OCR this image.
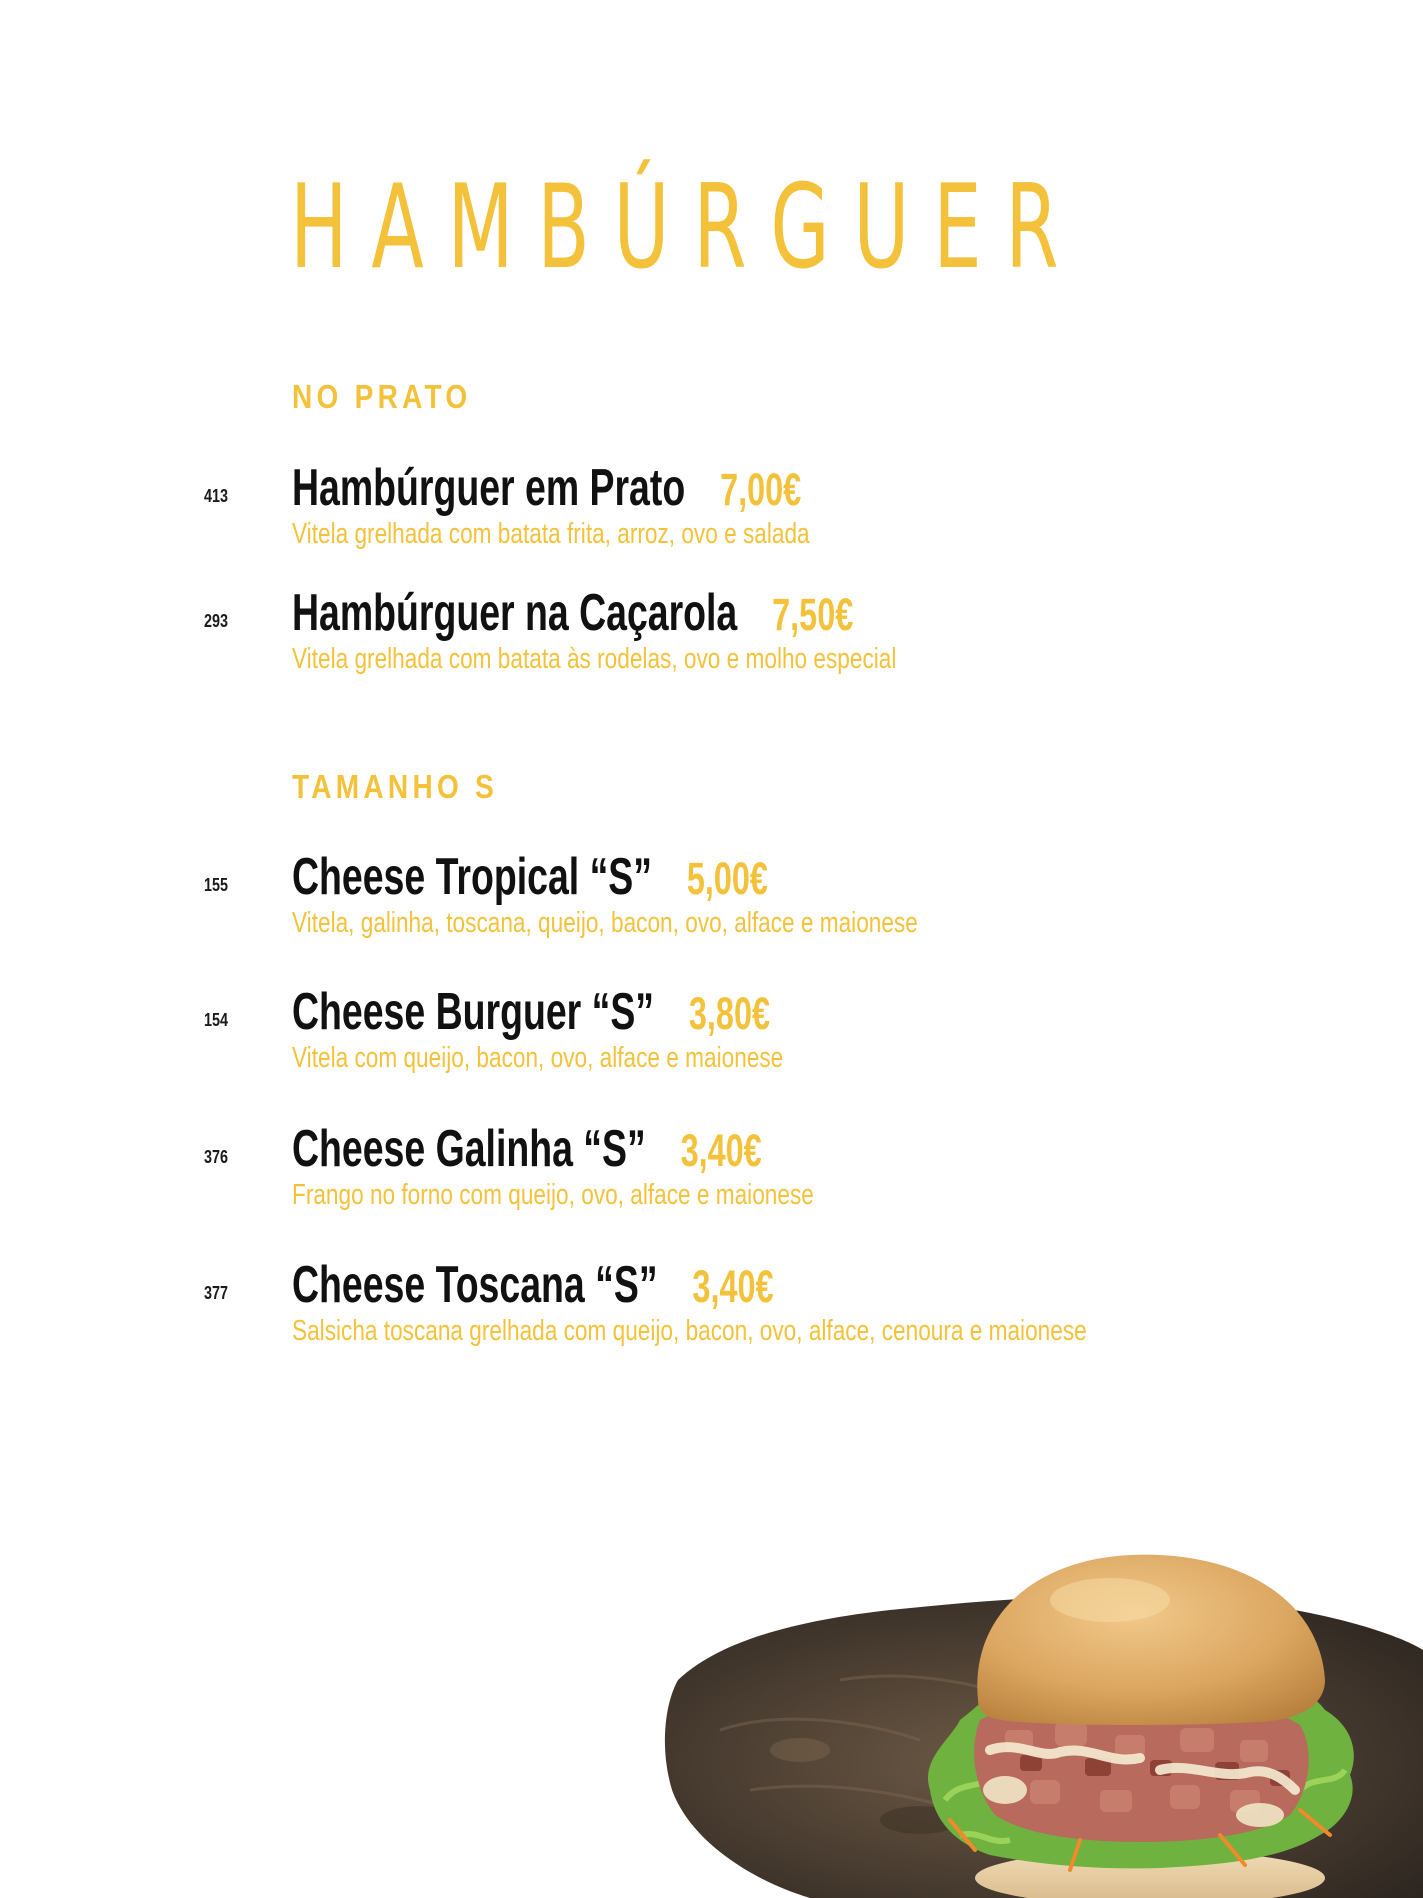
HAMBÚRGUER
NO PRATO
413 Hambúrguer em Prato 7,00€
Vitela grelhada com batata frita, arroz, ovo e salada
293 Hambúrguer na Caçarola 7,50€
Vitela grelhada com batata às rodelas, ovo e molho especial
TAMANHO S
155 Cheese Tropical “S” 5,00€
Vitela, galinha, toscana, queijo, bacon, ovo, alface e maionese
154 Cheese Burguer “S” 3,80€
Vitela com queijo, bacon, ovo, alface e maionese
376 Cheese Galinha “S” 3,40€
Frango no forno com queijo, ovo, alface e maionese
377 Cheese Toscana “S” 3,40€
Salsicha toscana grelhada com queijo, bacon, ovo, alface, cenoura e maionese
